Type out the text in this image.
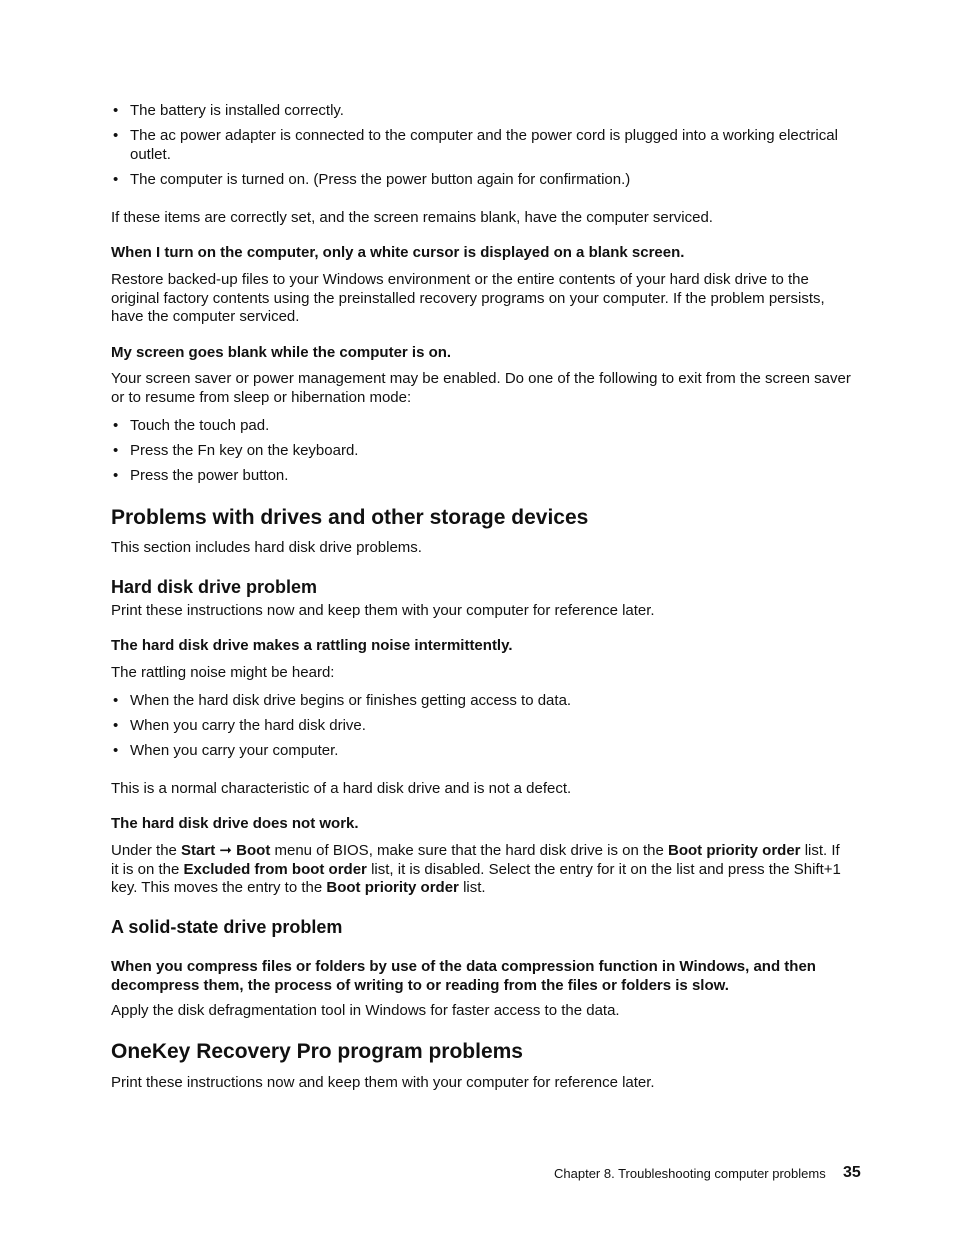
• The battery is installed correctly.
• The ac power adapter is connected to the computer and the power cord is plugged into a working electrical outlet.
• The computer is turned on. (Press the power button again for confirmation.)

If these items are correctly set, and the screen remains blank, have the computer serviced.

When I turn on the computer, only a white cursor is displayed on a blank screen.

Restore backed-up files to your Windows environment or the entire contents of your hard disk drive to the original factory contents using the preinstalled recovery programs on your computer. If the problem persists, have the computer serviced.

My screen goes blank while the computer is on.

Your screen saver or power management may be enabled. Do one of the following to exit from the screen saver or to resume from sleep or hibernation mode:

• Touch the touch pad.
• Press the Fn key on the keyboard.
• Press the power button.
Problems with drives and other storage devices

This section includes hard disk drive problems.

Hard disk drive problem

Print these instructions now and keep them with your computer for reference later.

The hard disk drive makes a rattling noise intermittently.

The rattling noise might be heard:

• When the hard disk drive begins or finishes getting access to data.
• When you carry the hard disk drive.
• When you carry your computer.

This is a normal characteristic of a hard disk drive and is not a defect.

The hard disk drive does not work.

Under the Start ➞ Boot menu of BIOS, make sure that the hard disk drive is on the Boot priority order list. If it is on the Excluded from boot order list, it is disabled. Select the entry for it on the list and press the Shift+1 key. This moves the entry to the Boot priority order list.

A solid-state drive problem

When you compress files or folders by use of the data compression function in Windows, and then decompress them, the process of writing to or reading from the files or folders is slow.

Apply the disk defragmentation tool in Windows for faster access to the data.

OneKey Recovery Pro program problems

Print these instructions now and keep them with your computer for reference later.

Chapter 8. Troubleshooting computer problems 35
